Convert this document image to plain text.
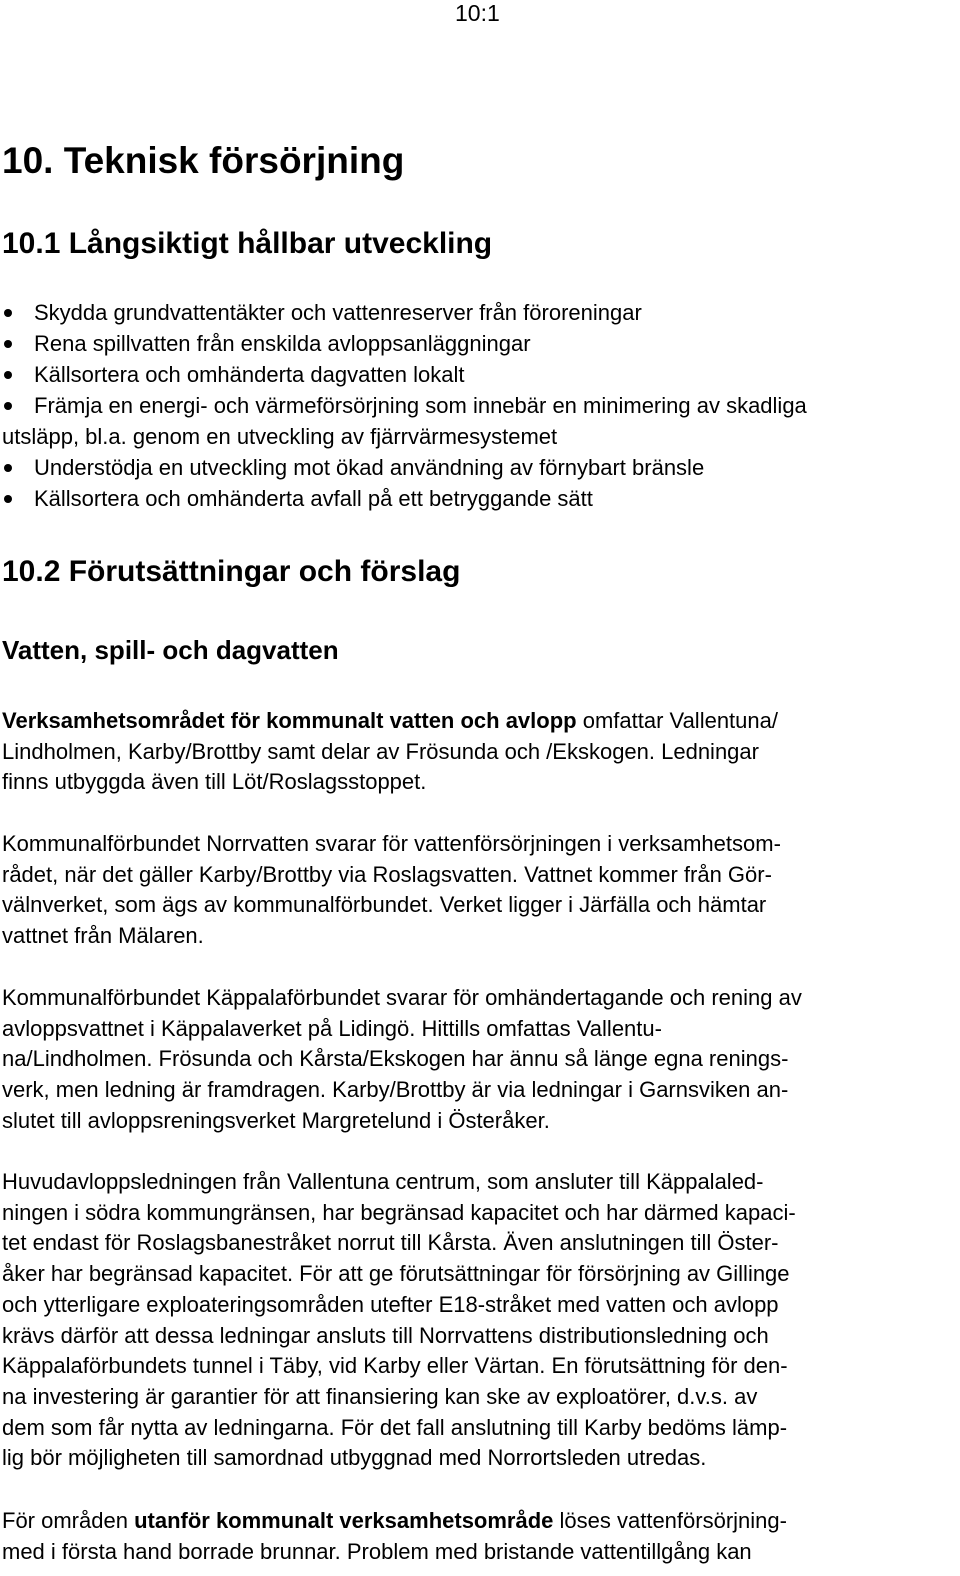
10:1
10. Teknisk försörjning
10.1 Långsiktigt hållbar utveckling
Skydda grundvattentäkter och vattenreserver från föroreningar
Rena spillvatten från enskilda avloppsanläggningar
Källsortera och omhänderta dagvatten lokalt
Främja en energi- och värmeförsörjning som innebär en minimering av skadliga
utsläpp, bl.a. genom en utveckling av fjärrvärmesystemet
Understödja en utveckling mot ökad användning av förnybart bränsle
Källsortera och omhänderta avfall på ett betryggande sätt
10.2 Förutsättningar och förslag
Vatten, spill- och dagvatten
Verksamhetsområdet för kommunalt vatten och avlopp omfattar Vallentuna/
Lindholmen, Karby/Brottby samt delar av Frösunda och /Ekskogen. Ledningar
finns utbyggda även till Löt/Roslagsstoppet.
Kommunalförbundet Norrvatten svarar för vattenförsörjningen i verksamhetsom-
rådet, när det gäller Karby/Brottby via Roslagsvatten. Vattnet kommer från Gör-
välnverket, som ägs av kommunalförbundet. Verket ligger i Järfälla och hämtar
vattnet från Mälaren.
Kommunalförbundet Käppalaförbundet svarar för omhändertagande och rening av
avloppsvattnet i Käppalaverket på Lidingö. Hittills omfattas Vallentu-
na/Lindholmen. Frösunda och Kårsta/Ekskogen har ännu så länge egna renings-
verk, men ledning är framdragen. Karby/Brottby är via ledningar i Garnsviken an-
slutet till avloppsreningsverket Margretelund i Österåker.
Huvudavloppsledningen från Vallentuna centrum, som ansluter till Käppalaled-
ningen i södra kommungränsen, har begränsad kapacitet och har därmed kapaci-
tet endast för Roslagsbanestråket norrut till Kårsta. Även anslutningen till Öster-
åker har begränsad kapacitet. För att ge förutsättningar för försörjning av Gillinge
och ytterligare exploateringsområden utefter E18-stråket med vatten och avlopp
krävs därför att dessa ledningar ansluts till Norrvattens distributionsledning och
Käppalaförbundets tunnel i Täby, vid Karby eller Värtan. En förutsättning för den-
na investering är garantier för att finansiering kan ske av exploatörer, d.v.s. av
dem som får nytta av ledningarna. För det fall anslutning till Karby bedöms lämp-
lig bör möjligheten till samordnad utbyggnad med Norrortsleden utredas.
För områden utanför kommunalt verksamhetsområde löses vattenförsörjning-
med i första hand borrade brunnar. Problem med bristande vattentillgång kan
